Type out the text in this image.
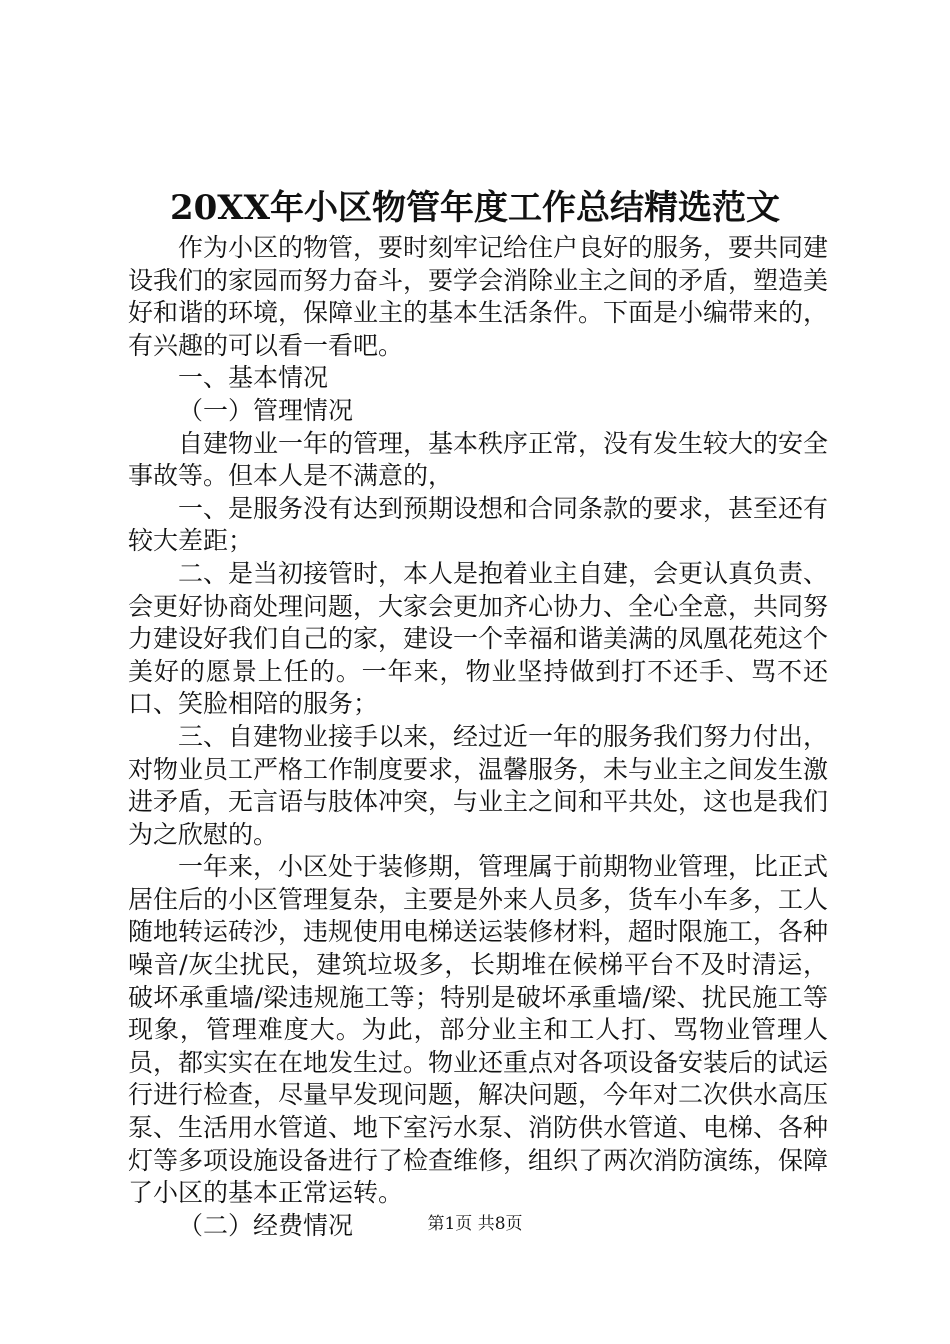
20XX年小区物管年度工作总结精选范文

作为小区的物管，要时刻牢记给住户良好的服务，要共同建设我们的家园而努力奋斗，要学会消除业主之间的矛盾，塑造美好和谐的环境，保障业主的基本生活条件。下面是小编带来的，有兴趣的可以看一看吧。

一、基本情况

（一）管理情况

自建物业一年的管理，基本秩序正常，没有发生较大的安全事故等。但本人是不满意的，

一、是服务没有达到预期设想和合同条款的要求，甚至还有较大差距；

二、是当初接管时，本人是抱着业主自建，会更认真负责、会更好协商处理问题，大家会更加齐心协力、全心全意，共同努力建设好我们自己的家，建设一个幸福和谐美满的凤凰花苑这个美好的愿景上任的。一年来，物业坚持做到打不还手、骂不还口、笑脸相陪的服务；

三、自建物业接手以来，经过近一年的服务我们努力付出，对物业员工严格工作制度要求，温馨服务，未与业主之间发生激进矛盾，无言语与肢体冲突，与业主之间和平共处，这也是我们为之欣慰的。

一年来，小区处于装修期，管理属于前期物业管理，比正式居住后的小区管理复杂，主要是外来人员多，货车小车多，工人随地转运砖沙，违规使用电梯送运装修材料，超时限施工，各种噪音/灰尘扰民，建筑垃圾多，长期堆在候梯平台不及时清运，破坏承重墙/梁违规施工等；特别是破坏承重墙/梁、扰民施工等现象，管理难度大。为此，部分业主和工人打、骂物业管理人员，都实实在在地发生过。物业还重点对各项设备安装后的试运行进行检查，尽量早发现问题，解决问题，今年对二次供水高压泵、生活用水管道、地下室污水泵、消防供水管道、电梯、各种灯等多项设施设备进行了检查维修，组织了两次消防演练，保障了小区的基本正常运转。

（二）经费情况	第1页 共8页
